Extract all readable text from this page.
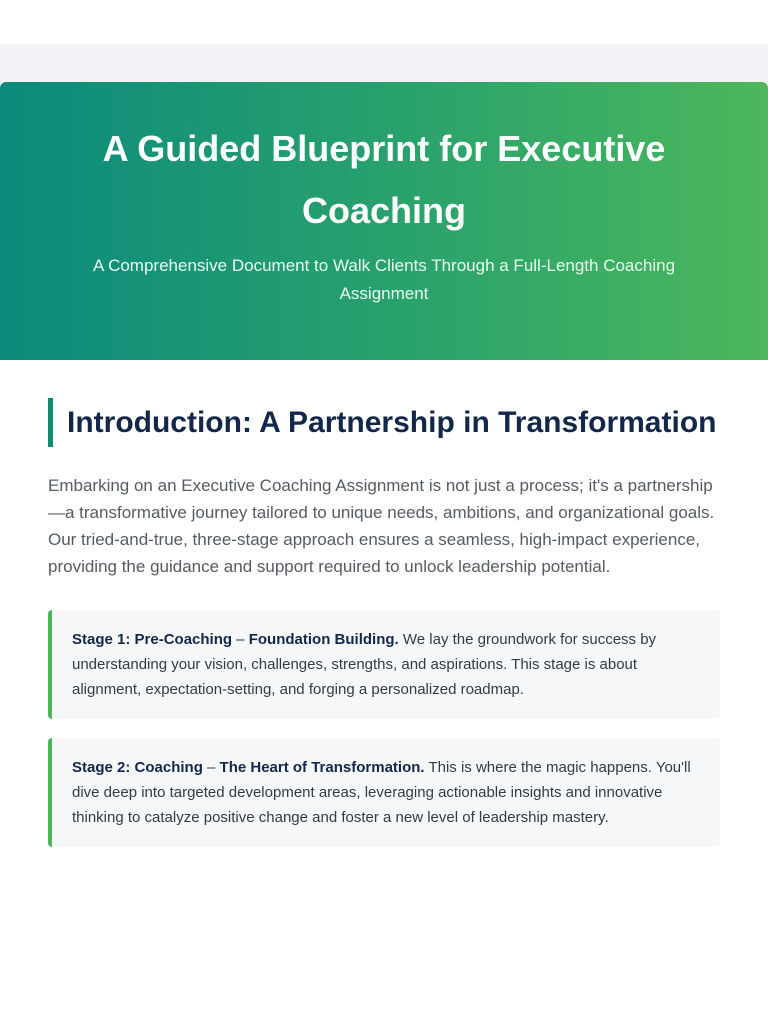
A Guided Blueprint for Executive Coaching

A Comprehensive Document to Walk Clients Through a Full-Length Coaching Assignment

Introduction: A Partnership in Transformation

Embarking on an Executive Coaching Assignment is not just a process; it's a partnership—a transformative journey tailored to unique needs, ambitions, and organizational goals. Our tried-and-true, three-stage approach ensures a seamless, high-impact experience, providing the guidance and support required to unlock leadership potential.

Stage 1: Pre-Coaching – Foundation Building. We lay the groundwork for success by understanding your vision, challenges, strengths, and aspirations. This stage is about alignment, expectation-setting, and forging a personalized roadmap.
Stage 2: Coaching – The Heart of Transformation. This is where the magic happens. You'll dive deep into targeted development areas, leveraging actionable insights and innovative thinking to catalyze positive change and foster a new level of leadership mastery.
